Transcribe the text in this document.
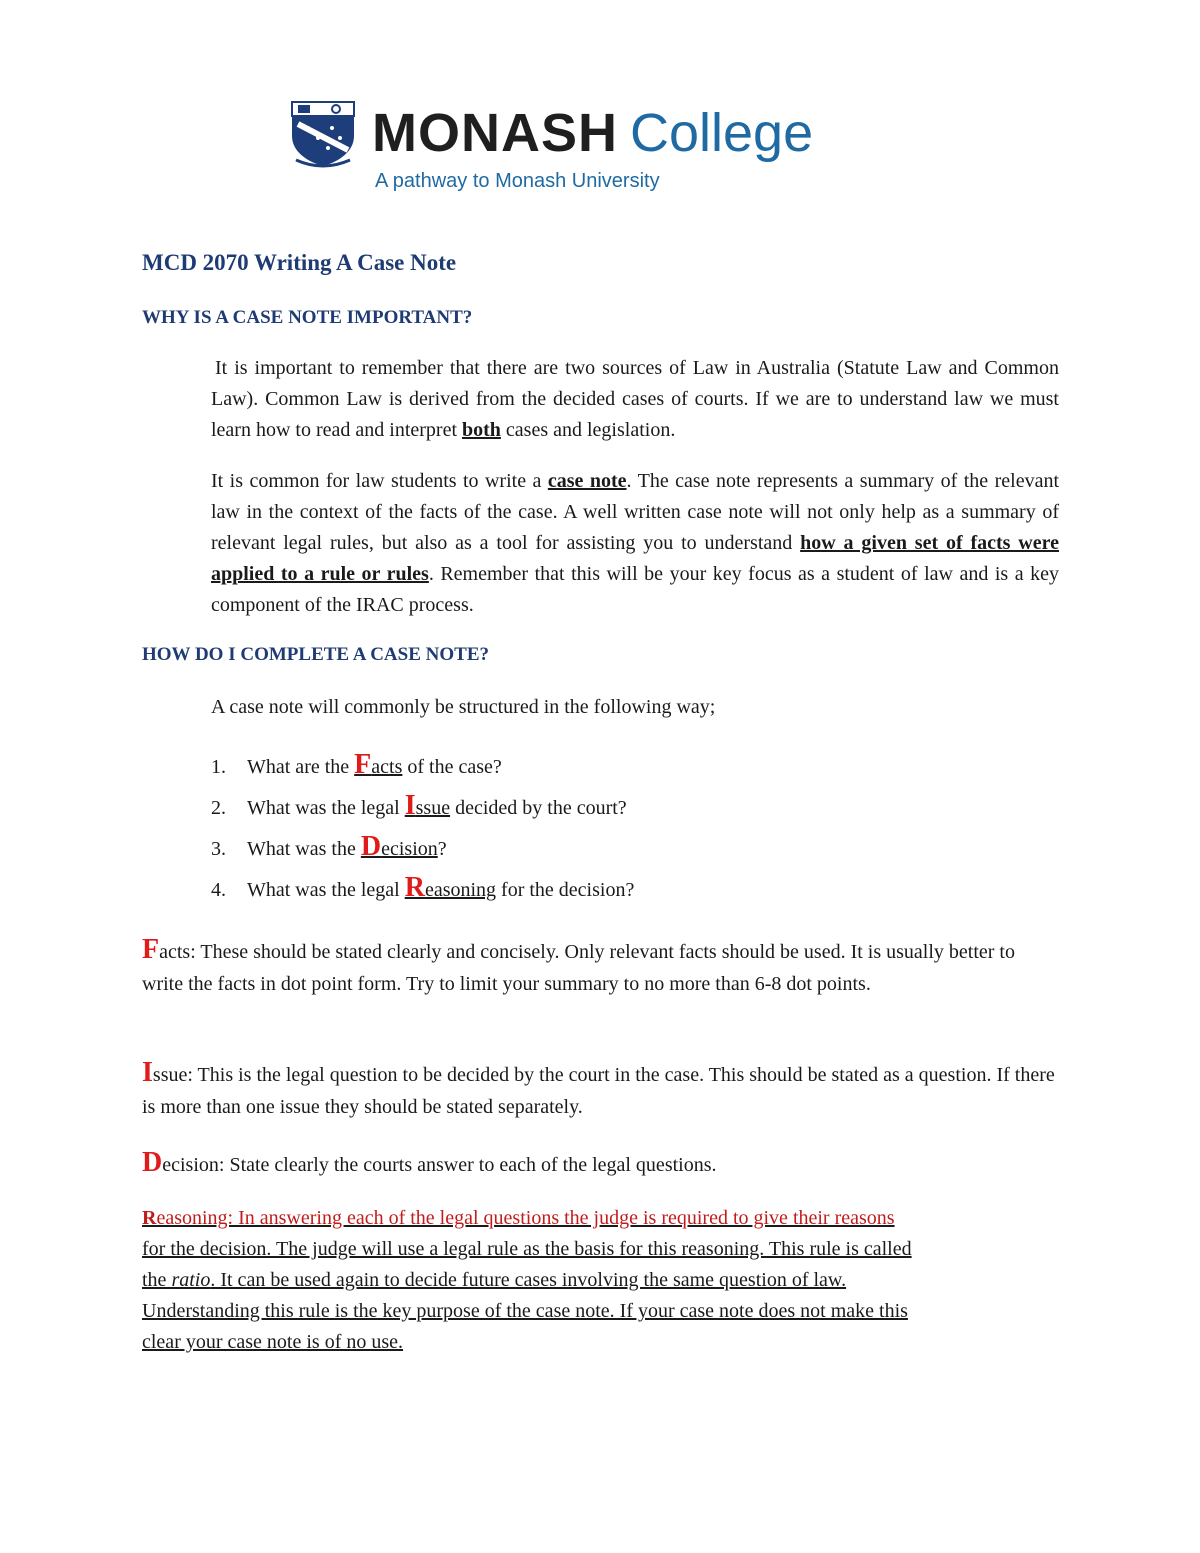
MONASH College
A pathway to Monash University
MCD 2070 Writing A Case Note
WHY IS A CASE NOTE IMPORTANT?
It is important to remember that there are two sources of Law in Australia (Statute Law and Common Law). Common Law is derived from the decided cases of courts. If we are to understand law we must learn how to read and interpret both cases and legislation.
It is common for law students to write a case note. The case note represents a summary of the relevant law in the context of the facts of the case. A well written case note will not only help as a summary of relevant legal rules, but also as a tool for assisting you to understand how a given set of facts were applied to a rule or rules. Remember that this will be your key focus as a student of law and is a key component of the IRAC process.
HOW DO I COMPLETE A CASE NOTE?
A case note will commonly be structured in the following way;
1. What are the Facts of the case?
2. What was the legal Issue decided by the court?
3. What was the Decision?
4. What was the legal Reasoning for the decision?
Facts: These should be stated clearly and concisely. Only relevant facts should be used. It is usually better to write the facts in dot point form. Try to limit your summary to no more than 6-8 dot points.
Issue: This is the legal question to be decided by the court in the case. This should be stated as a question. If there is more than one issue they should be stated separately.
Decision: State clearly the courts answer to each of the legal questions.
Reasoning: In answering each of the legal questions the judge is required to give their reasons
for the decision. The judge will use a legal rule as the basis for this reasoning. This rule is called
the ratio. It can be used again to decide future cases involving the same question of law.
Understanding this rule is the key purpose of the case note. If your case note does not make this
clear your case note is of no use.
